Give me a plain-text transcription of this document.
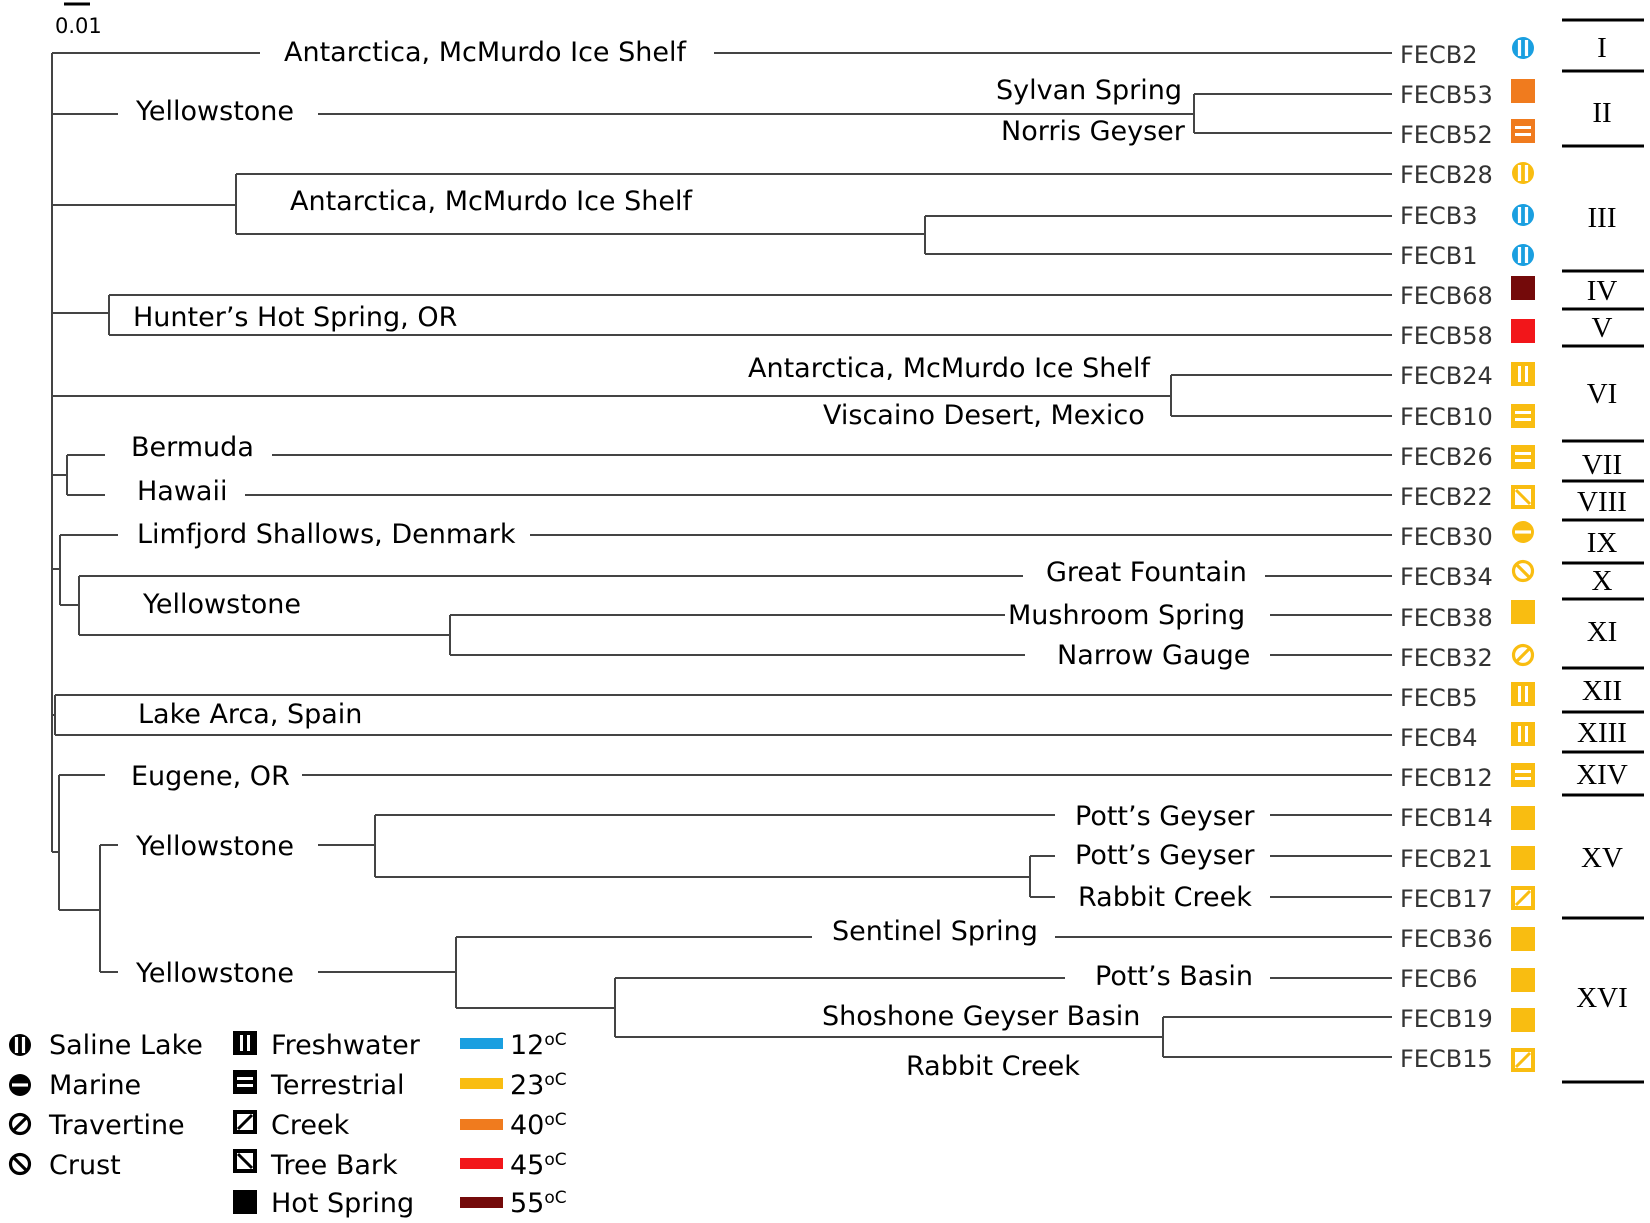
0.01
Antarctica, McMurdo Ice Shelf
Yellowstone
Sylvan Spring
Norris Geyser
Antarctica, McMurdo Ice Shelf
Hunter’s Hot Spring, OR
Antarctica, McMurdo Ice Shelf
Viscaino Desert, Mexico
Bermuda
Hawaii
Limfjord Shallows, Denmark
Yellowstone
Great Fountain
Mushroom Spring
Narrow Gauge
Lake Arca, Spain
Eugene, OR
Yellowstone
Pott’s Geyser
Pott’s Geyser
Rabbit Creek
Yellowstone
Sentinel Spring
Pott’s Basin
Shoshone Geyser Basin
Rabbit Creek
FECB2
FECB53
FECB52
FECB28
FECB3
FECB1
FECB68
FECB58
FECB24
FECB10
FECB26
FECB22
FECB30
FECB34
FECB38
FECB32
FECB5
FECB4
FECB12
FECB14
FECB21
FECB17
FECB36
FECB6
FECB19
FECB15
I
II
III
IV
V
VI
VII
VIII
IX
X
XI
XII
XIII
XIV
XV
XVI
Saline Lake
Marine
Travertine
Crust
Freshwater
Terrestrial
Creek
Tree Bark
Hot Spring
$12^{oC}$
$23^{oC}$
$40^{oC}$
$45^{oC}$
$55^{oC}$
